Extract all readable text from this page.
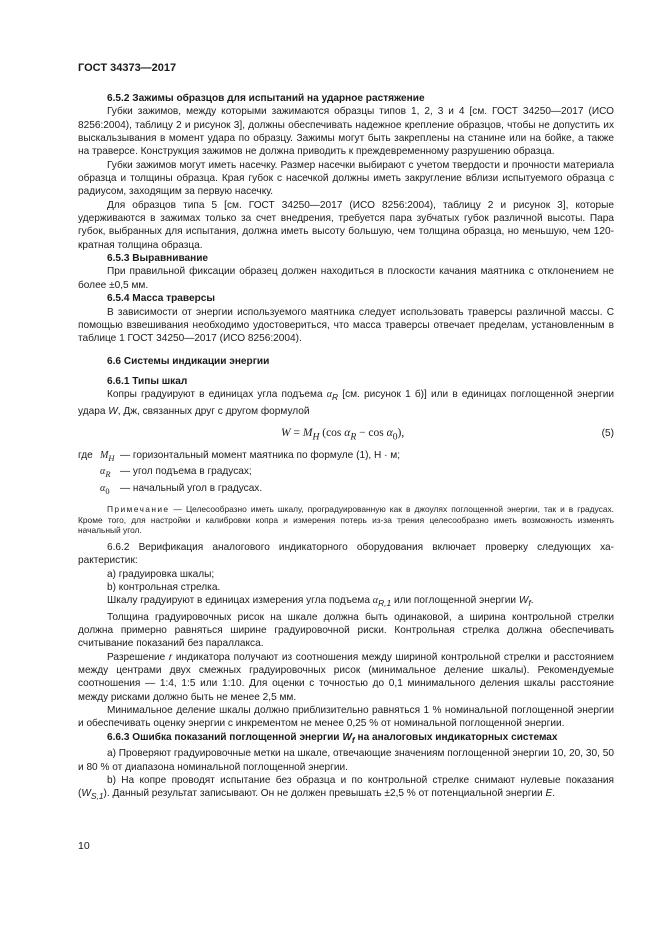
ГОСТ 34373—2017

6.5.2 Зажимы образцов для испытаний на ударное растяжение

Губки зажимов, между которыми зажимаются образцы типов 1, 2, 3 и 4 [см. ГОСТ 34250—2017 (ИСО 8256:2004), таблицу 2 и рисунок 3], должны обеспечивать надежное крепление образцов, чтобы не допустить их выскальзывания в момент удара по образцу. Зажимы могут быть закреплены на станине или на бойке, а также на траверсе. Конструкция зажимов не должна приводить к преждевременному разрушению образца.

Губки зажимов могут иметь насечку. Размер насечки выбирают с учетом твердости и прочности материала образца и толщины образца. Края губок с насечкой должны иметь закругление вблизи испытуемого образца с радиусом, заходящим за первую насечку.

Для образцов типа 5 [см. ГОСТ 34250—2017 (ИСО 8256:2004), таблицу 2 и рисунок 3], которые удерживаются в зажимах только за счет внедрения, требуется пара зубчатых губок различной высоты. Пара губок, выбранных для испытания, должна иметь высоту большую, чем толщина образца, но меньшую, чем 120-кратная толщина образца.

6.5.3 Выравнивание

При правильной фиксации образец должен находиться в плоскости качания маятника с отклонением не более ±0,5 мм.

6.5.4 Масса траверсы

В зависимости от энергии используемого маятника следует использовать траверсы различной массы. С помощью взвешивания необходимо удостовериться, что масса траверсы отвечает пределам, установленным в таблице 1 ГОСТ 34250—2017 (ИСО 8256:2004).

6.6 Системы индикации энергии

6.6.1 Типы шкал

Копры градуируют в единицах угла подъема $\alpha_R$ [см. рисунок 1 б)] или в единицах поглощенной энергии удара W, Дж, связанных друг с другом формулой

$W = M_H$ (cos $\alpha_R - \cos \alpha_0$),	(5)
где $M_H$ — горизонтальный момент маятника по формуле (1), Н · м;
$\alpha_R$ — угол подъема в градусах;
$\alpha_0$	— начальный угол в градусах.
Примечание — Целесообразно иметь шкалу, проградуированную как в джоулях поглощенной энергии, так и в градусах. Кроме того, для настройки и калибровки копра и измерения потерь из-за трения целесообразно иметь возможность изменять начальный угол.

6.6.2 Верификация аналогового индикаторного оборудования включает проверку следующих характеристик:

a) градуировка шкалы;

b) контрольная стрелка.

Шкалу градуируют в единицах измерения угла подъема $\alpha_{R,1}$ или поглощенной энергии $W_f$.

Толщина градуировочных рисок на шкале должна быть одинаковой, а ширина контрольной стрелки должна примерно равняться ширине градуировочной риски. Контрольная стрелка должна обеспечивать считывание показаний без параллакса.

Разрешение r индикатора получают из соотношения между шириной контрольной стрелки и расстоянием между центрами двух смежных градуировочных рисок (минимальное деление шкалы). Рекомендуемые соотношения — 1:4, 1:5 или 1:10. Для оценки с точностью до 0,1 минимального деления шкалы расстояние между рисками должно быть не менее 2,5 мм.

Минимальное деление шкалы должно приблизительно равняться 1 % номинальной поглощенной энергии и обеспечивать оценку энергии с инкрементом не менее 0,25 % от номинальной поглощенной энергии.

6.6.3 Ошибка показаний поглощенной энергии $W_f$ на аналоговых индикаторных системах

a) Проверяют градуировочные метки на шкале, отвечающие значениям поглощенной энергии 10, 20, 30, 50 и 80 % от диапазона номинальной поглощенной энергии.

b) На копре проводят испытание без образца и по контрольной стрелке снимают нулевые показания $(W_{S,1})$. Данный результат записывают. Он не должен превышать ±2,5 % от потенциальной энергии E.

10
